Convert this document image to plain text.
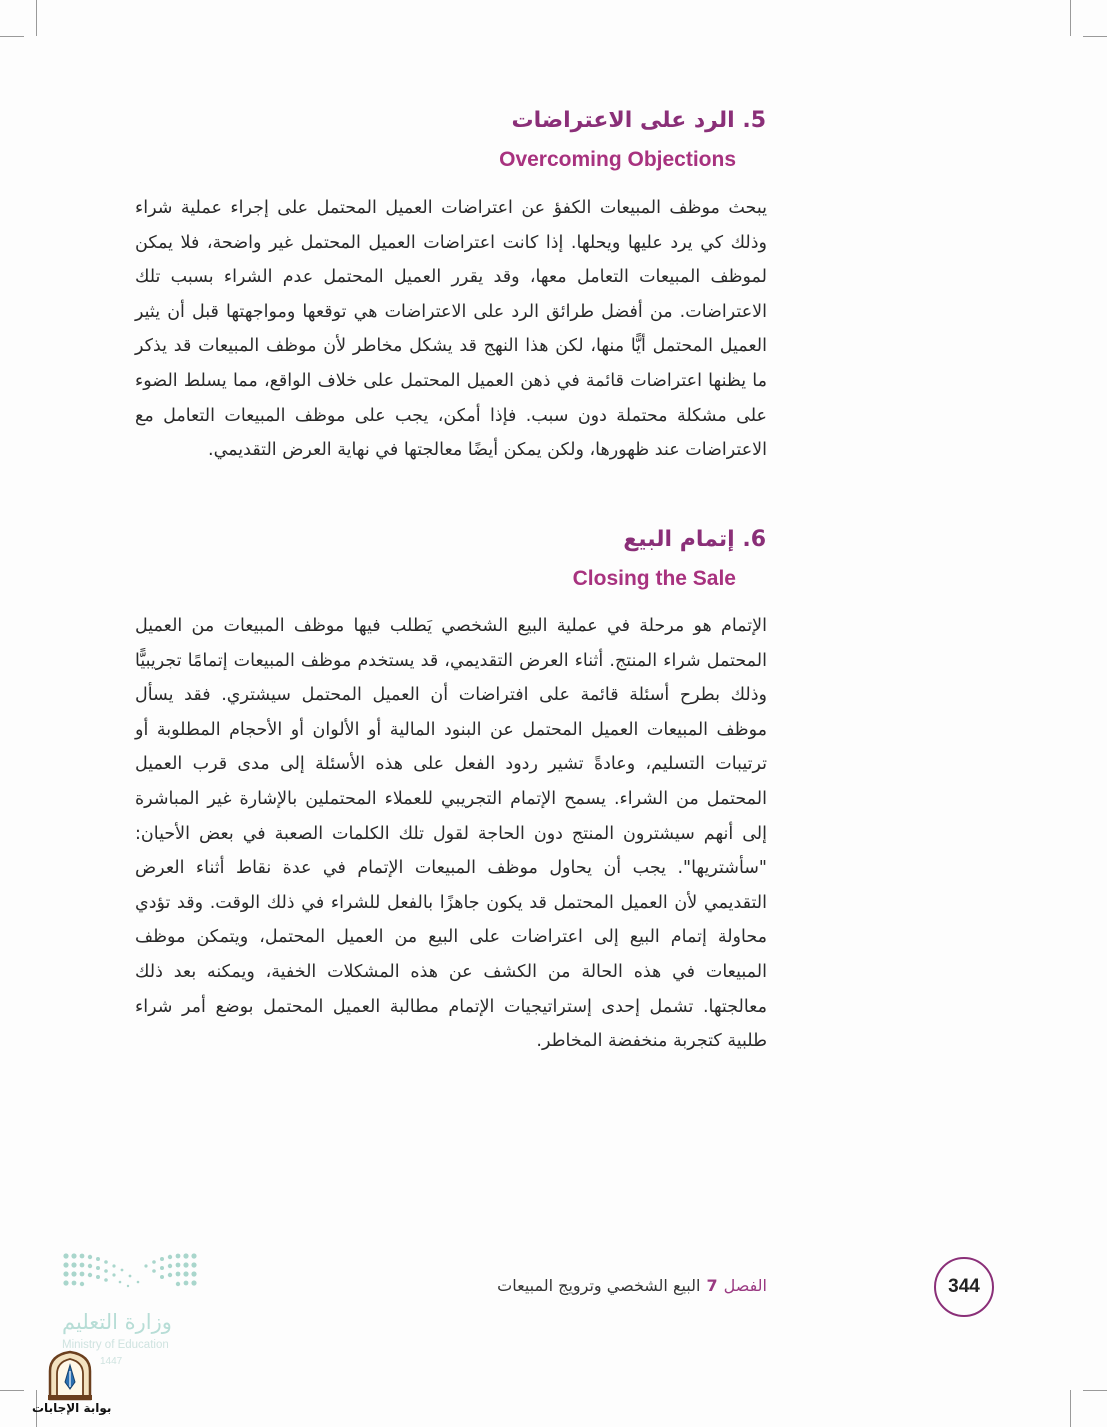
5. الرد على الاعتراضات
Overcoming Objections

يبحث موظف المبيعات الكفؤ عن اعتراضات العميل المحتمل على إجراء عملية شراء وذلك كي يرد عليها ويحلها. إذا كانت اعتراضات العميل المحتمل غير واضحة، فلا يمكن لموظف المبيعات التعامل معها، وقد يقرر العميل المحتمل عدم الشراء بسبب تلك الاعتراضات. من أفضل طرائق الرد على الاعتراضات هي توقعها ومواجهتها قبل أن يثير العميل المحتمل أيًّا منها، لكن هذا النهج قد يشكل مخاطر لأن موظف المبيعات قد يذكر ما يظنها اعتراضات قائمة في ذهن العميل المحتمل على خلاف الواقع، مما يسلط الضوء على مشكلة محتملة دون سبب. فإذا أمكن، يجب على موظف المبيعات التعامل مع الاعتراضات عند ظهورها، ولكن يمكن أيضًا معالجتها في نهاية العرض التقديمي.

6. إتمام البيع
Closing the Sale

الإتمام هو مرحلة في عملية البيع الشخصي يَطلب فيها موظف المبيعات من العميل المحتمل شراء المنتج. أثناء العرض التقديمي، قد يستخدم موظف المبيعات إتمامًا تجريبيًّا وذلك بطرح أسئلة قائمة على افتراضات أن العميل المحتمل سيشتري. فقد يسأل موظف المبيعات العميل المحتمل عن البنود المالية أو الألوان أو الأحجام المطلوبة أو ترتيبات التسليم، وعادةً تشير ردود الفعل على هذه الأسئلة إلى مدى قرب العميل المحتمل من الشراء. يسمح الإتمام التجريبي للعملاء المحتملين بالإشارة غير المباشرة إلى أنهم سيشترون المنتج دون الحاجة لقول تلك الكلمات الصعبة في بعض الأحيان: "سأشتريها". يجب أن يحاول موظف المبيعات الإتمام في عدة نقاط أثناء العرض التقديمي لأن العميل المحتمل قد يكون جاهزًا بالفعل للشراء في ذلك الوقت. وقد تؤدي محاولة إتمام البيع إلى اعتراضات على البيع من العميل المحتمل، ويتمكن موظف المبيعات في هذه الحالة من الكشف عن هذه المشكلات الخفية، ويمكنه بعد ذلك معالجتها. تشمل إحدى إستراتيجيات الإتمام مطالبة العميل المحتمل بوضع أمر شراء طلبية كتجربة منخفضة المخاطر.

وزارة التعليم
Ministry of Education
1447
بوابة الإجابات
الفصل7البيع الشخصي وترويج المبيعات	344
